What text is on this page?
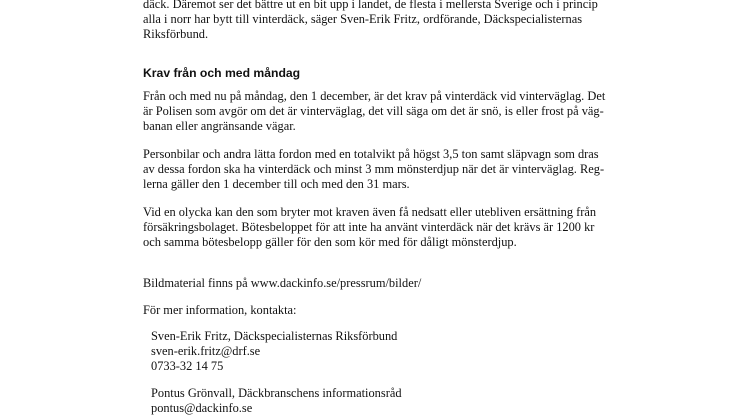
däck. Däremot ser det bättre ut en bit upp i landet, de flesta i mellersta Sverige och i princip
alla i norr har bytt till vinterdäck, säger Sven-Erik Fritz, ordförande, Däckspecialisternas
Riksförbund.
Krav från och med måndag
Från och med nu på måndag, den 1 december, är det krav på vinterdäck vid vinterväglag. Det
är Polisen som avgör om det är vinterväglag, det vill säga om det är snö, is eller frost på väg-
banan eller angränsande vägar.
Personbilar och andra lätta fordon med en totalvikt på högst 3,5 ton samt släpvagn som dras
av dessa fordon ska ha vinterdäck och minst 3 mm mönsterdjup när det är vinterväglag. Reg-
lerna gäller den 1 december till och med den 31 mars.
Vid en olycka kan den som bryter mot kraven även få nedsatt eller utebliven ersättning från
försäkringsbolaget. Bötesbeloppet för att inte ha använt vinterdäck när det krävs är 1200 kr
och samma bötesbelopp gäller för den som kör med för dåligt mönsterdjup.
Bildmaterial finns på www.dackinfo.se/pressrum/bilder/
För mer information, kontakta:
Sven-Erik Fritz, Däckspecialisternas Riksförbund
sven-erik.fritz@drf.se
0733-32 14 75
Pontus Grönvall, Däckbranschens informationsråd
pontus@dackinfo.se
